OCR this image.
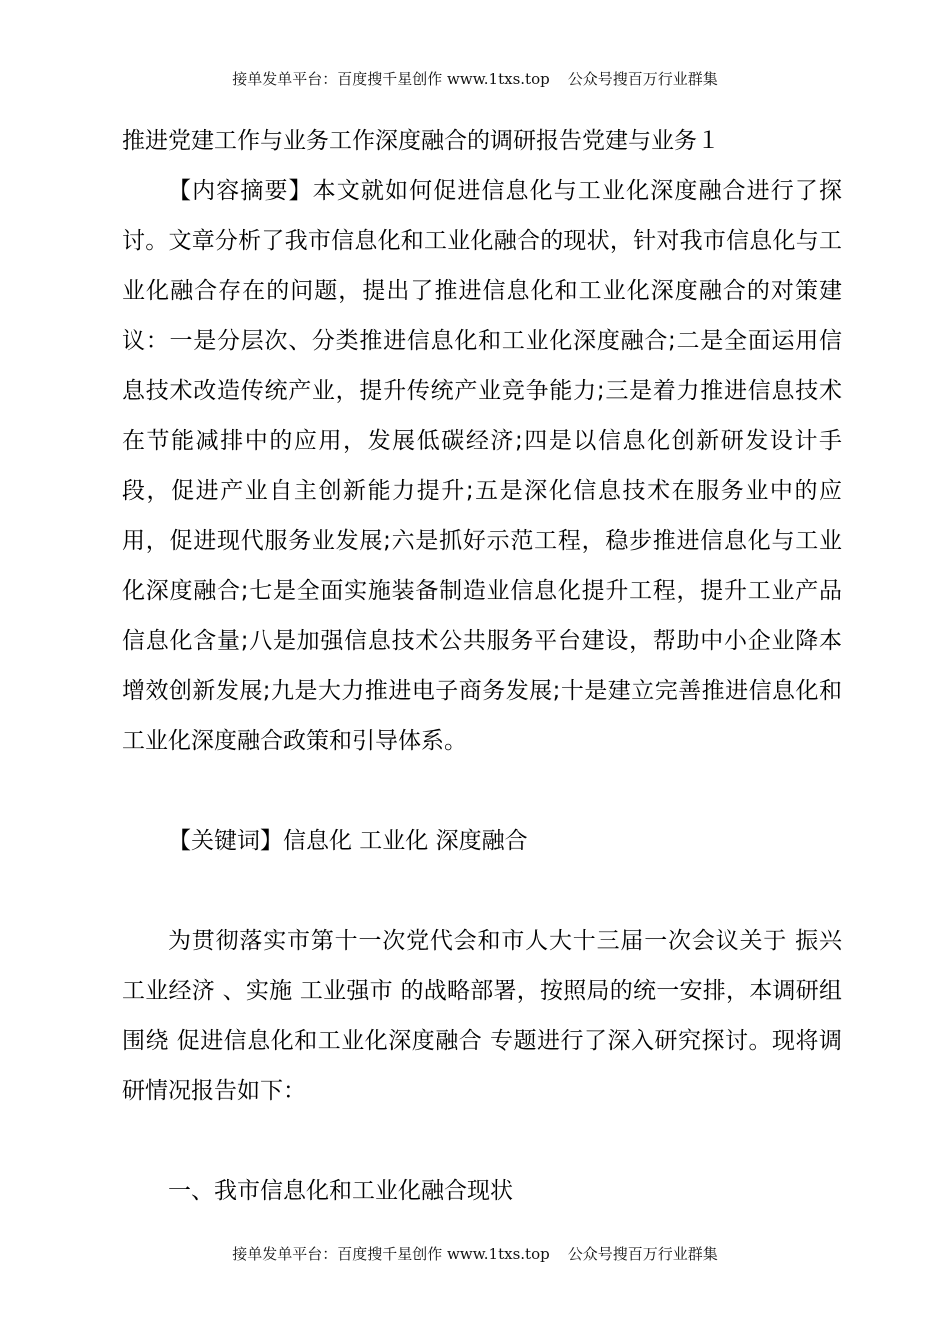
接单发单平台：百度搜千星创作 www.1txs.top 公众号搜百万行业群集
推进党建工作与业务工作深度融合的调研报告党建与业务１

【内容摘要】本文就如何促进信息化与工业化深度融合进行了探讨。文章分析了我市信息化和工业化融合的现状，针对我市信息化与工业化融合存在的问题，提出了推进信息化和工业化深度融合的对策建议：一是分层次、分类推进信息化和工业化深度融合;二是全面运用信息技术改造传统产业，提升传统产业竞争能力;三是着力推进信息技术在节能减排中的应用，发展低碳经济;四是以信息化创新研发设计手段，促进产业自主创新能力提升;五是深化信息技术在服务业中的应用，促进现代服务业发展;六是抓好示范工程，稳步推进信息化与工业化深度融合;七是全面实施装备制造业信息化提升工程，提升工业产品信息化含量;八是加强信息技术公共服务平台建设，帮助中小企业降本增效创新发展;九是大力推进电子商务发展;十是建立完善推进信息化和工业化深度融合政策和引导体系。

【关键词】信息化 工业化 深度融合

为贯彻落实市第十一次党代会和市人大十三届一次会议关于 振兴工业经济 、实施 工业强市 的战略部署，按照局的统一安排，本调研组围绕 促进信息化和工业化深度融合 专题进行了深入研究探讨。现将调研情况报告如下：

一、我市信息化和工业化融合现状
接单发单平台：百度搜千星创作 www.1txs.top 公众号搜百万行业群集
